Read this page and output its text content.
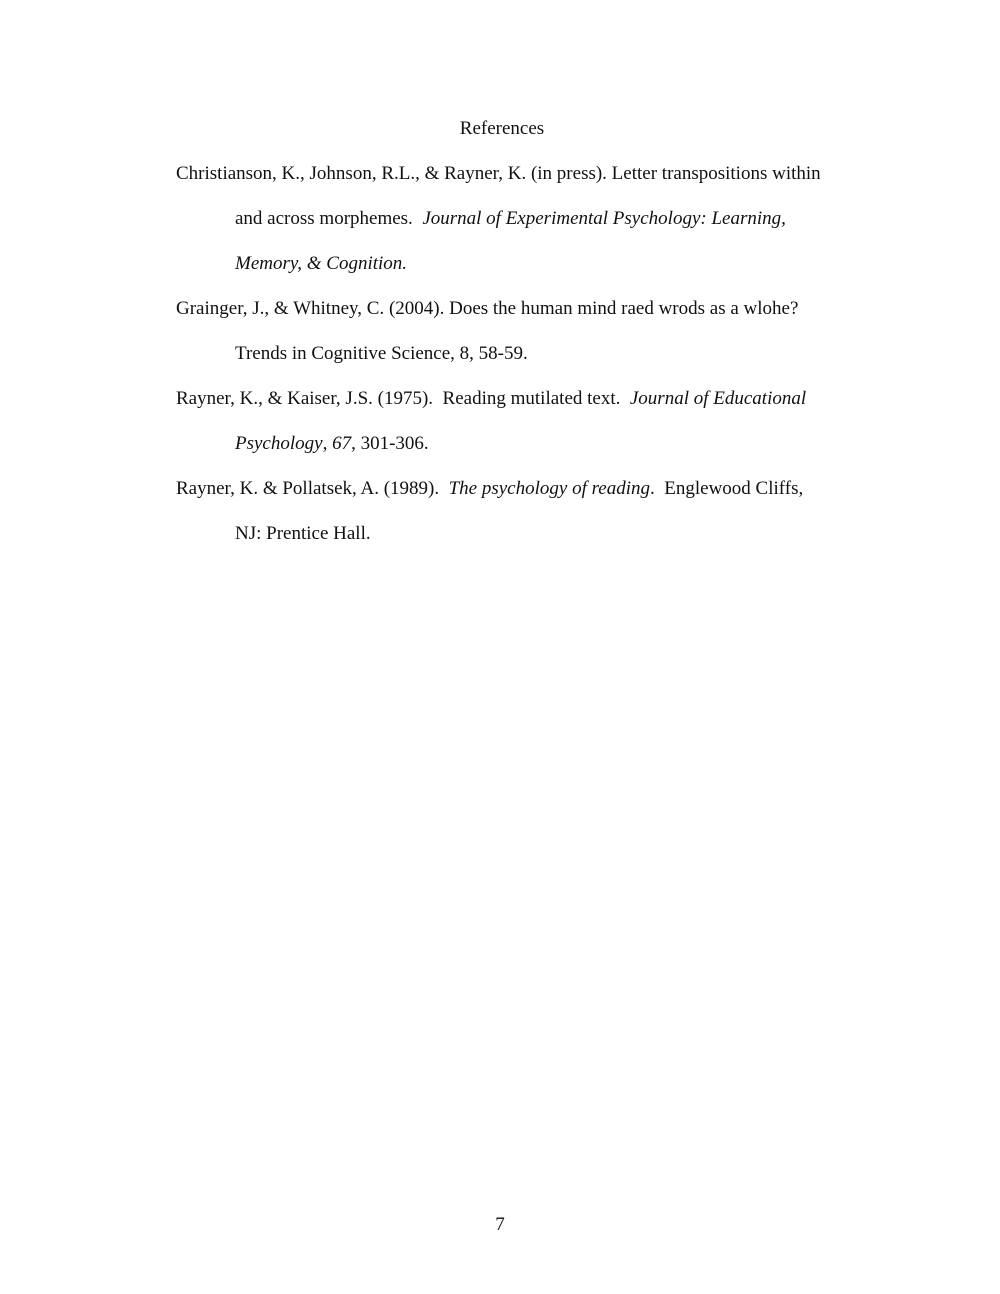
References
Christianson, K., Johnson, R.L., & Rayner, K. (in press). Letter transpositions within
and across morphemes.  Journal of Experimental Psychology: Learning,
Memory, & Cognition.
Grainger, J., & Whitney, C. (2004). Does the human mind raed wrods as a wlohe?
Trends in Cognitive Science, 8, 58-59.
Rayner, K., & Kaiser, J.S. (1975).  Reading mutilated text.  Journal of Educational
Psychology, 67, 301-306.
Rayner, K. & Pollatsek, A. (1989).  The psychology of reading.  Englewood Cliffs,
NJ: Prentice Hall.
7
